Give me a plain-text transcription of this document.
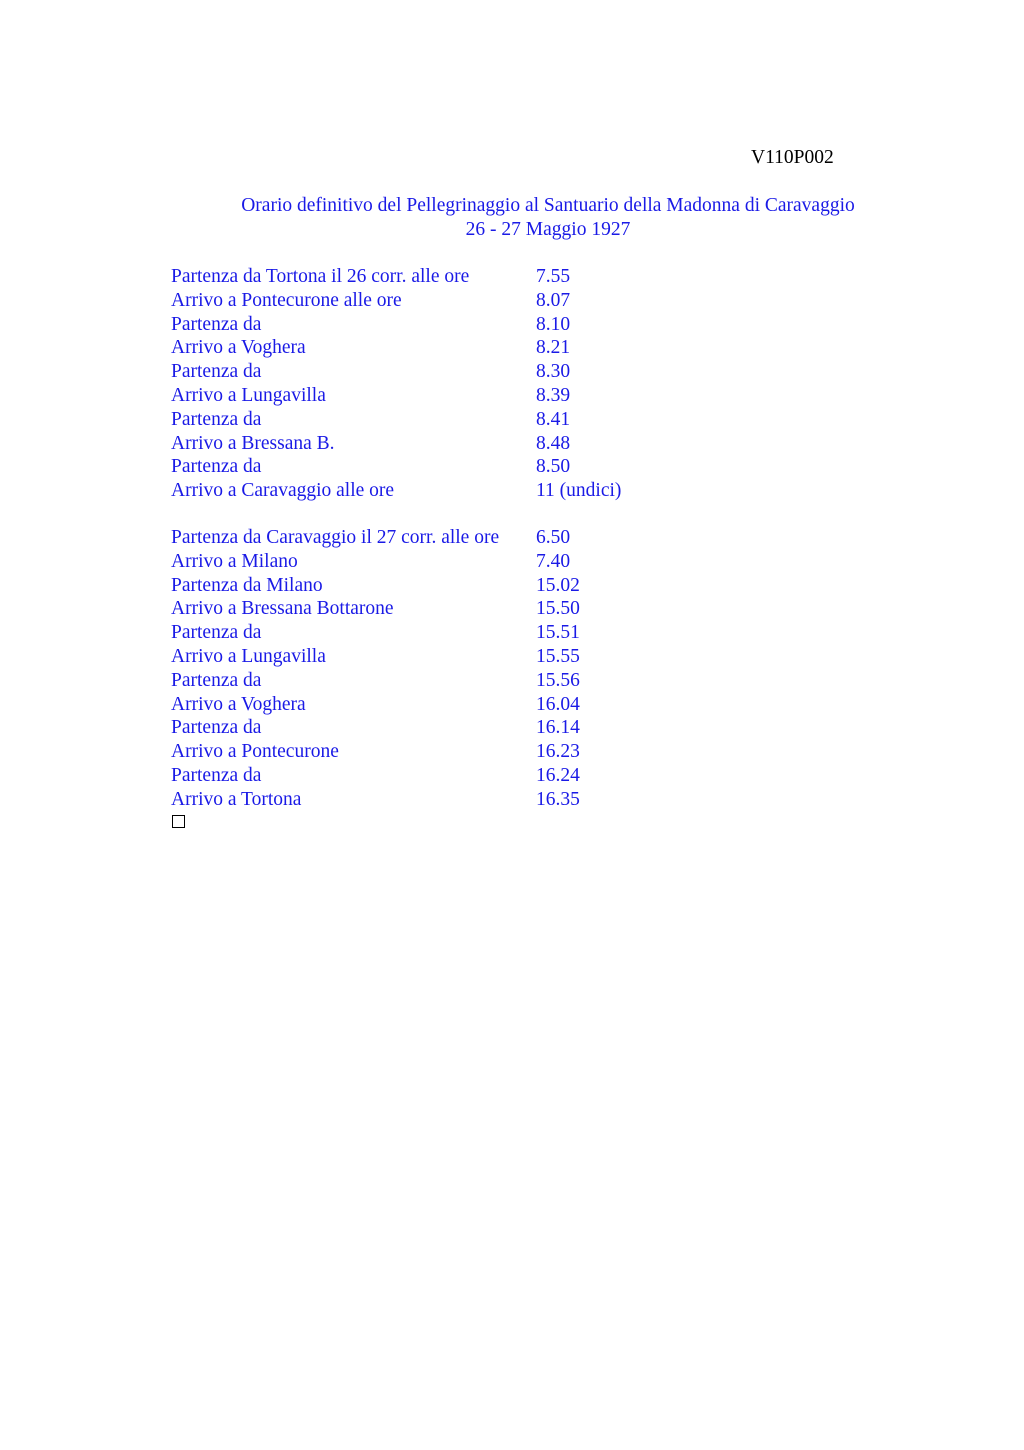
V110P002
Orario definitivo del Pellegrinaggio al Santuario della Madonna di Caravaggio
26 - 27 Maggio 1927
Partenza da Tortona il 26 corr. alle ore	7.55
Arrivo a Pontecurone alle ore	8.07
Partenza da	8.10
Arrivo a Voghera	8.21
Partenza da	8.30
Arrivo a Lungavilla	8.39
Partenza da	8.41
Arrivo a Bressana B.	8.48
Partenza da	8.50
Arrivo a Caravaggio alle ore	11 (undici)
Partenza da Caravaggio il 27 corr. alle ore 6.50
Arrivo a Milano	7.40
Partenza da Milano	15.02
Arrivo a Bressana Bottarone	15.50
Partenza da	15.51
Arrivo a Lungavilla	15.55
Partenza da	15.56
Arrivo a Voghera	16.04
Partenza da	16.14
Arrivo a Pontecurone	16.23
Partenza da	16.24
Arrivo a Tortona	16.35
